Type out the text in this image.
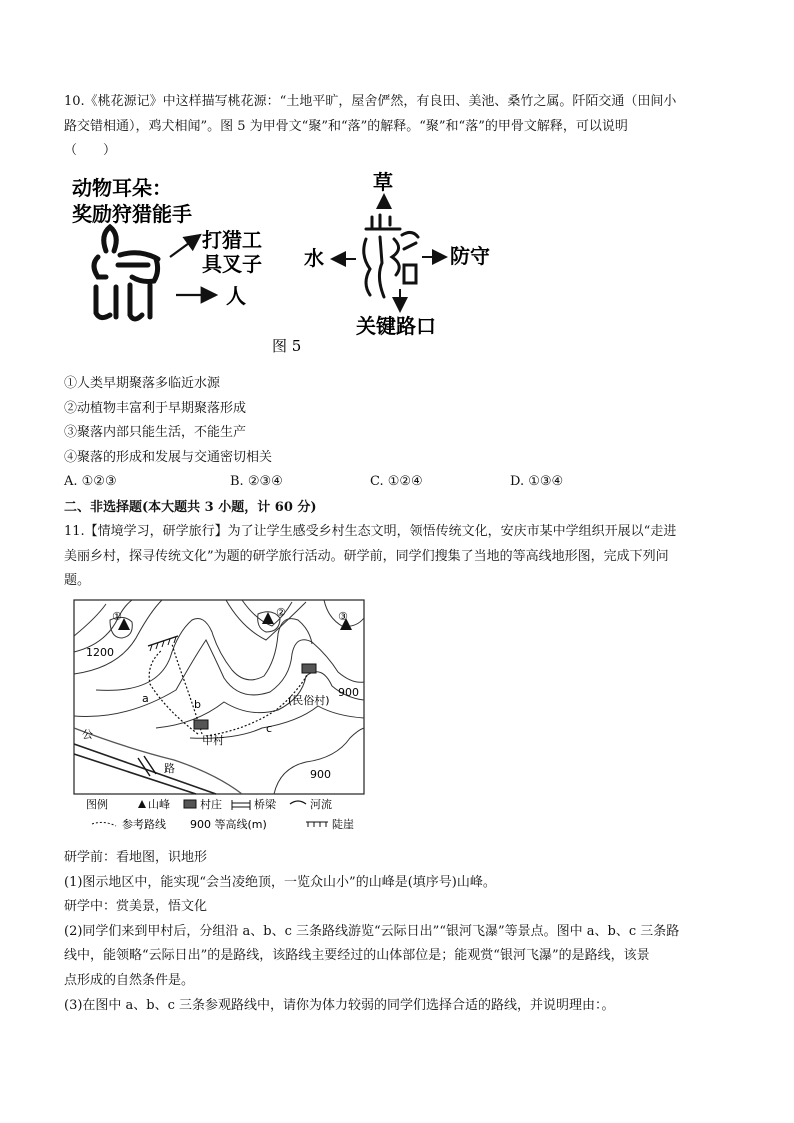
10.《桃花源记》中这样描写桃花源：“土地平旷，屋舍俨然，有良田、美池、桑竹之属。阡陌交通（田间小
路交错相通），鸡犬相闻”。图 5 为甲骨文“聚”和“落”的解释。“聚”和“落”的甲骨文解释，可以说明
（　　）
动物耳朵：
奖励狩猎能手
打猎工
具叉子
人
草
水	防守
关键路口
图 5
①人类早期聚落多临近水源
②动植物丰富利于早期聚落形成
③聚落内部只能生活，不能生产
④聚落的形成和发展与交通密切相关
A. ①②③	B. ②③④	C. ①②④	D. ①③④
二、非选择题(本大题共 3 小题，计 60 分)
11.【情境学习，研学旅行】为了让学生感受乡村生态文明，领悟传统文化，安庆市某中学组织开展以“走进
美丽乡村，探寻传统文化”为题的研学旅行活动。研学前，同学们搜集了当地的等高线地形图，完成下列问
题。
①	②	③
1200
900
900
a	b
c
甲村
(民俗村)
公
路
图例	山峰	村庄	桥梁	河流
参考路线 900 等高线(m)	陡崖
研学前：看地图，识地形
(1)图示地区中，能实现“会当凌绝顶，一览众山小”的山峰是(填序号)山峰。
研学中：赏美景，悟文化
(2)同学们来到甲村后，分组沿 a、b、c 三条路线游览“云际日出”“银河飞瀑”等景点。图中 a、b、c 三条路
线中，能领略“云际日出”的是路线，该路线主要经过的山体部位是；能观赏“银河飞瀑”的是路线，该景
点形成的自然条件是。
(3)在图中 a、b、c 三条参观路线中，请你为体力较弱的同学们选择合适的路线，并说明理由：。
